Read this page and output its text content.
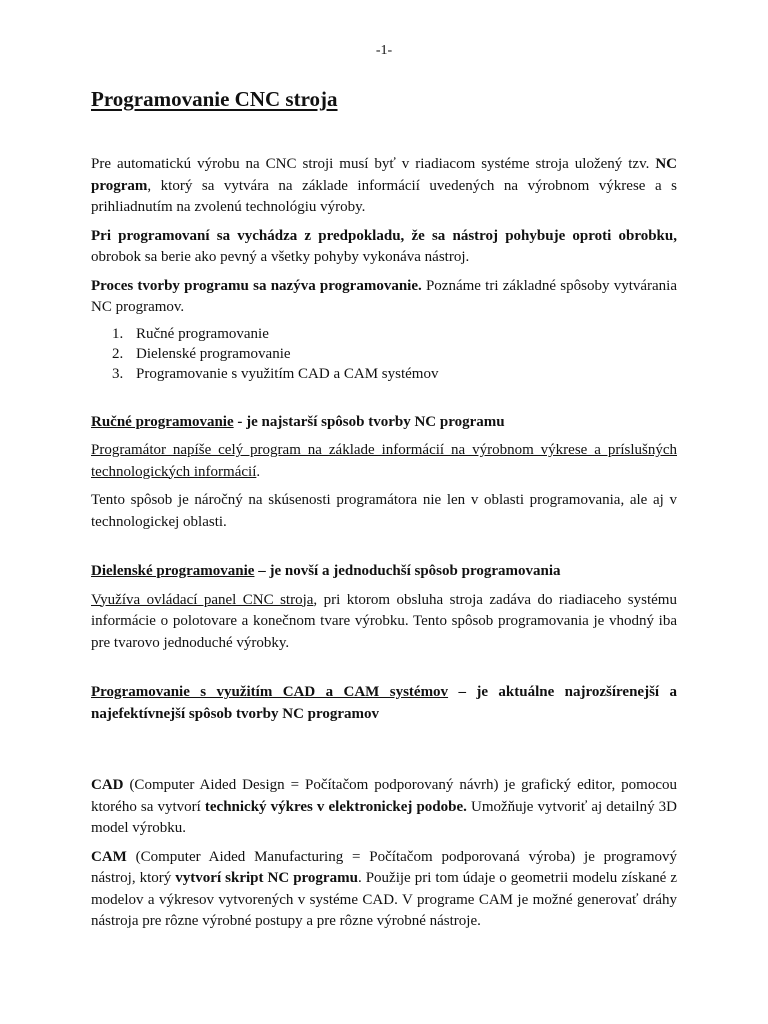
-1-
Programovanie CNC stroja

Pre automatickú výrobu na CNC stroji musí byť v riadiacom systéme stroja uložený tzv. NC program, ktorý sa vytvára na základe informácií uvedených na výrobnom výkrese a s prihliadnutím na zvolenú technológiu výroby.

Pri programovaní sa vychádza z predpokladu, že sa nástroj pohybuje oproti obrobku, obrobok sa berie ako pevný a všetky pohyby vykonáva nástroj.

Proces tvorby programu sa nazýva programovanie. Poznáme tri základné spôsoby vytvárania NC programov.

1. Ručné programovanie
2. Dielenské programovanie
3. Programovanie s využitím CAD a CAM systémov

Ručné programovanie - je najstarší spôsob tvorby NC programu

Programátor napíše celý program na základe informácií na výrobnom výkrese a príslušných technologických informácií.

Tento spôsob je náročný na skúsenosti programátora nie len v oblasti programovania, ale aj v technologickej oblasti.

Dielenské programovanie – je novší a jednoduchší spôsob programovania

Využíva ovládací panel CNC stroja, pri ktorom obsluha stroja zadáva do riadiaceho systému informácie o polotovare a konečnom tvare výrobku. Tento spôsob programovania je vhodný iba pre tvarovo jednoduché výrobky.

Programovanie s využitím CAD a CAM systémov – je aktuálne najrozšírenejší a najefektívnejší spôsob tvorby NC programov

CAD (Computer Aided Design = Počítačom podporovaný návrh) je grafický editor, pomocou ktorého sa vytvorí technický výkres v elektronickej podobe. Umožňuje vytvoriť aj detailný 3D model výrobku.

CAM (Computer Aided Manufacturing = Počítačom podporovaná výroba) je programový nástroj, ktorý vytvorí skript NC programu. Použije pri tom údaje o geometrii modelu získané z modelov a výkresov vytvorených v systéme CAD. V programe CAM je možné generovať dráhy nástroja pre rôzne výrobné postupy a pre rôzne výrobné nástroje.
